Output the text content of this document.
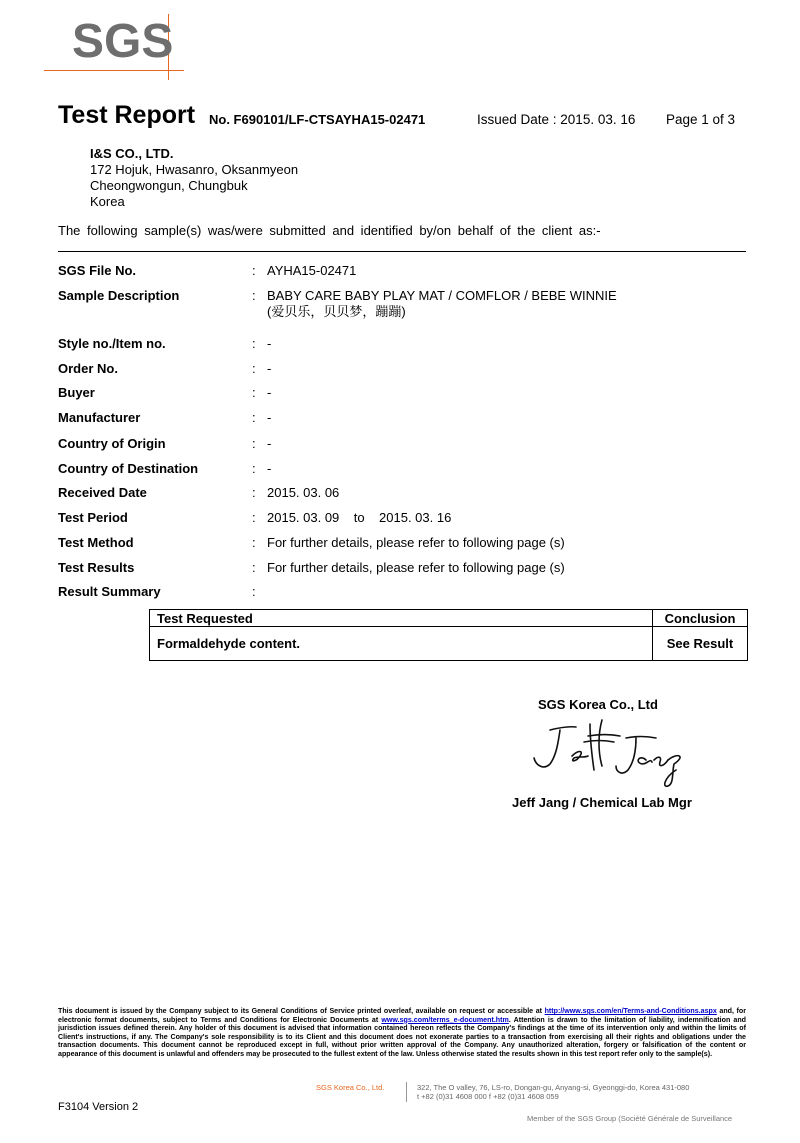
SGS
Test Report No. F690101/LF-CTSAYHA15-02471	Issued Date : 2015. 03. 16 Page 1 of 3
I&S CO., LTD.
172 Hojuk, Hwasanro, Oksanmyeon
Cheongwongun, Chungbuk
Korea
The following sample(s) was/were submitted and identified by/on behalf of the client as:-
SGS File No.	: AYHA15-02471
Sample Description	: BABY CARE BABY PLAY MAT / COMFLOR / BEBE WINNIE
(爱贝乐，贝贝梦，蹦蹦)
Style no./Item no.	: -
Order No.	: -
Buyer	: -
Manufacturer	: -
Country of Origin	: -
Country of Destination	: -
Received Date	: 2015. 03. 06
Test Period	: 2015. 03. 09    to    2015. 03. 16
Test Method	: For further details, please refer to following page (s)
Test Results	: For further details, please refer to following page (s)
Result Summary	:
Test Requested	Conclusion
Formaldehyde content.	See Result
SGS Korea Co., Ltd
Jeff Jang / Chemical Lab Mgr
This document is issued by the Company subject to its General Conditions of Service printed overleaf, available on request or accessible at http://www.sgs.com/en/Terms-and-Conditions.aspx and, for electronic format documents, subject to Terms and Conditions for Electronic Documents at www.sgs.com/terms_e-document.htm. Attention is drawn to the limitation of liability, indemnification and jurisdiction issues defined therein. Any holder of this document is advised that information contained hereon reflects the Company's findings at the time of its intervention only and within the limits of Client's instructions, if any. The Company's sole responsibility is to its Client and this document does not exonerate parties to a transaction from exercising all their rights and obligations under the transaction documents. This document cannot be reproduced except in full, without prior written approval of the Company. Any unauthorized alteration, forgery or falsification of the content or appearance of this document is unlawful and offenders may be prosecuted to the fullest extent of the law. Unless otherwise stated the results shown in this test report refer only to the sample(s).
SGS Korea Co., Ltd.	322, The O valley, 76, LS-ro, Dongan-gu, Anyang-si, Gyeonggi-do, Korea 431-080
t +82 (0)31 4608 000 f +82 (0)31 4608 059
F3104 Version 2
Member of the SGS Group (Société Générale de Surveillance
